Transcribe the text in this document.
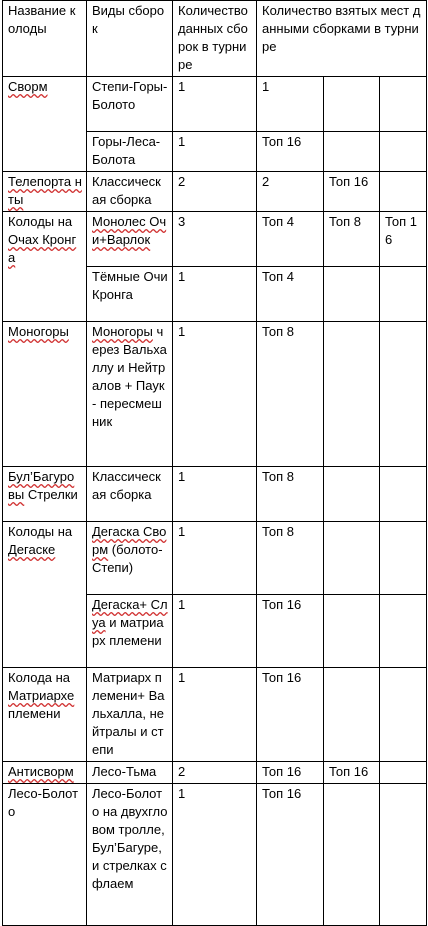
Название колоды	Виды сборок	Количество данных сборок в турнире	Количество взятых мест данными сборками в турнире		
Сворм	Степи-Горы-Болото	1	1		
	Горы-Леса-Болота	1	Топ 16		
Телепорта нты	Классическая сборка	2	2	Топ 16	
Колоды на Очах Кронга	Монолес Очи+Варлок	3	Топ 4	Топ 8	Топ 16
	Тёмные Очи Кронга	1	Топ 4		
Моногоры	Моногоры через Вальхаллу и Нейтралов + Паук - пересмешник	1	Топ 8		
Бул’Багуро вы Стрелки	Классическая сборка	1	Топ 8		
Колоды на Дегаске	Дегаска Сворм (болото-Степи)	1	Топ 8		
	Дегаска+ Слуа и матриарх племени	1	Топ 16		
Колода на Матриархе племени	Матриарх племени+ Вальхалла, нейтралы и степи	1	Топ 16		
Антисворм	Лесо-Тьма	2	Топ 16	Топ 16	
Лесо-Болото	Лесо-Болото на двухгловом тролле, Бул’Багуре, и стрелках с флаем	1	Топ 16		
